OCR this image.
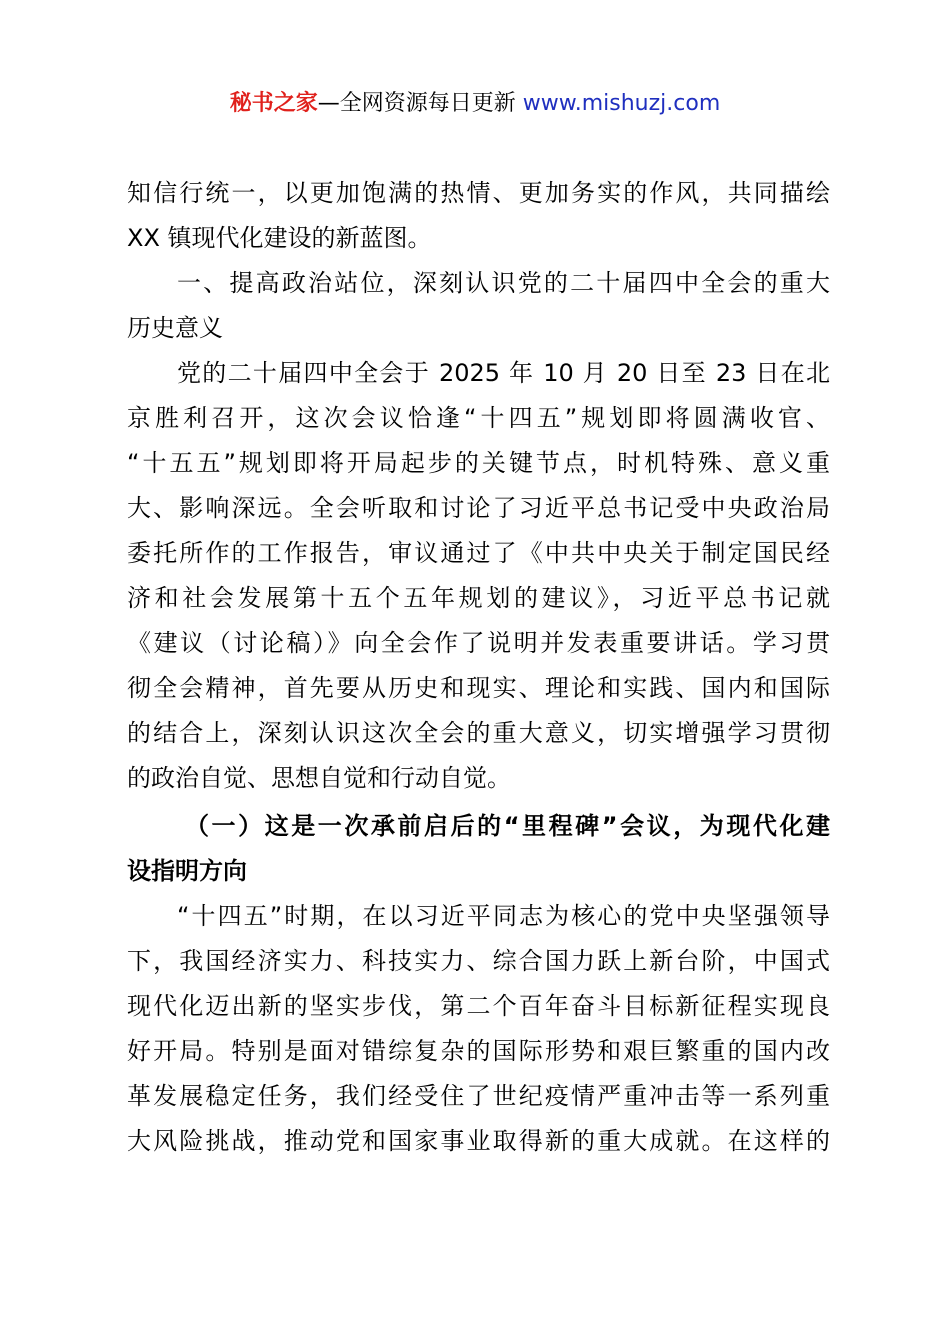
秘书之家—全网资源每日更新 www.mishuzj.com
知信行统一，以更加饱满的热情、更加务实的作风，共同描绘
XX 镇现代化建设的新蓝图。
一、提高政治站位，深刻认识党的二十届四中全会的重大
历史意义
党的二十届四中全会于 2025 年 10 月 20 日至 23 日在北
京胜利召开，这次会议恰逢“十四五”规划即将圆满收官、
“十五五”规划即将开局起步的关键节点，时机特殊、意义重
大、影响深远。全会听取和讨论了习近平总书记受中央政治局
委托所作的工作报告，审议通过了《中共中央关于制定国民经
济和社会发展第十五个五年规划的建议》，习近平总书记就
《建议（讨论稿）》向全会作了说明并发表重要讲话。学习贯
彻全会精神，首先要从历史和现实、理论和实践、国内和国际
的结合上，深刻认识这次全会的重大意义，切实增强学习贯彻
的政治自觉、思想自觉和行动自觉。
（一）这是一次承前启后的“里程碑”会议，为现代化建
设指明方向
“十四五”时期，在以习近平同志为核心的党中央坚强领导
下，我国经济实力、科技实力、综合国力跃上新台阶，中国式
现代化迈出新的坚实步伐，第二个百年奋斗目标新征程实现良
好开局。特别是面对错综复杂的国际形势和艰巨繁重的国内改
革发展稳定任务，我们经受住了世纪疫情严重冲击等一系列重
大风险挑战，推动党和国家事业取得新的重大成就。在这样的
